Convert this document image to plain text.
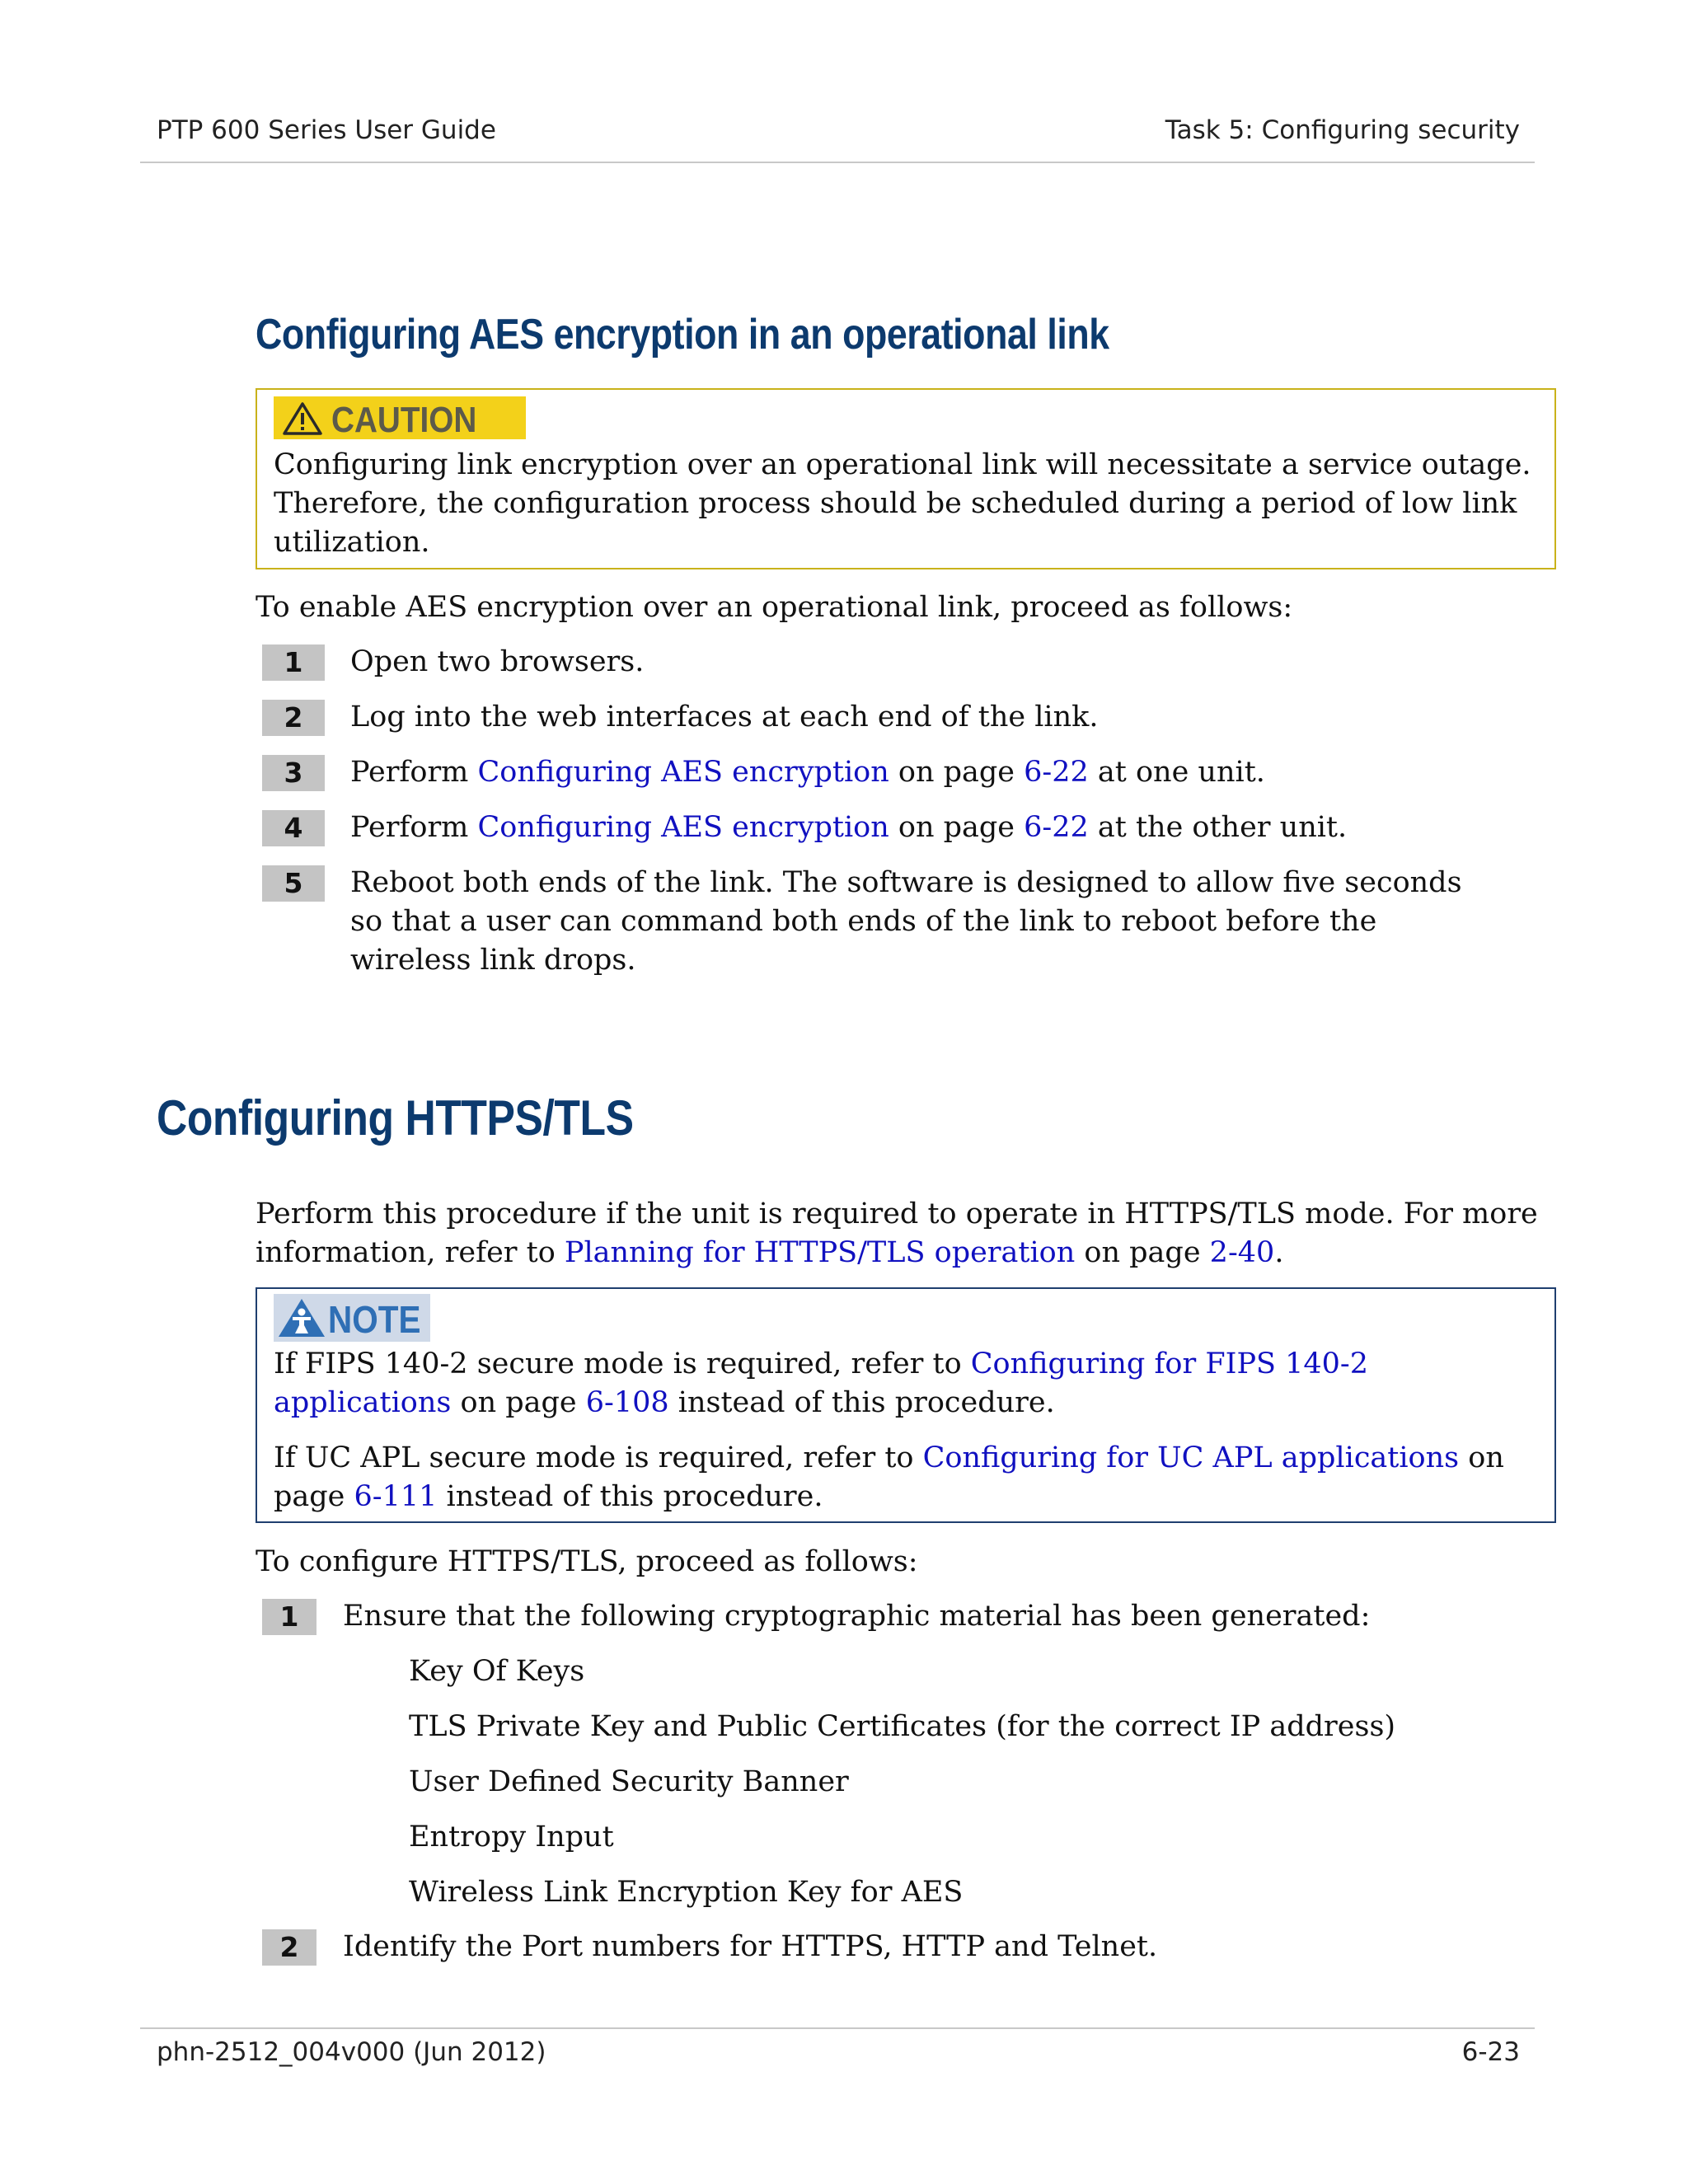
PTP 600 Series User Guide	Task 5: Configuring security
Configuring AES encryption in an operational link
CAUTION
Configuring link encryption over an operational link will necessitate a service outage. Therefore, the configuration process should be scheduled during a period of low link utilization.
To enable AES encryption over an operational link, proceed as follows:
1	Open two browsers.
2	Log into the web interfaces at each end of the link.
3	Perform Configuring AES encryption on page 6-22 at one unit.
4	Perform Configuring AES encryption on page 6-22 at the other unit.
5	Reboot both ends of the link. The software is designed to allow five seconds so that a user can command both ends of the link to reboot before the wireless link drops.
Configuring HTTPS/TLS
Perform this procedure if the unit is required to operate in HTTPS/TLS mode. For more information, refer to Planning for HTTPS/TLS operation on page 2-40.
NOTE
If FIPS 140-2 secure mode is required, refer to Configuring for FIPS 140-2 applications on page 6-108 instead of this procedure.
If UC APL secure mode is required, refer to Configuring for UC APL applications on page 6-111 instead of this procedure.
To configure HTTPS/TLS, proceed as follows:
1	Ensure that the following cryptographic material has been generated:
Key Of Keys
TLS Private Key and Public Certificates (for the correct IP address)
User Defined Security Banner
Entropy Input
Wireless Link Encryption Key for AES
2	Identify the Port numbers for HTTPS, HTTP and Telnet.
phn-2512_004v000 (Jun 2012)	6-23
